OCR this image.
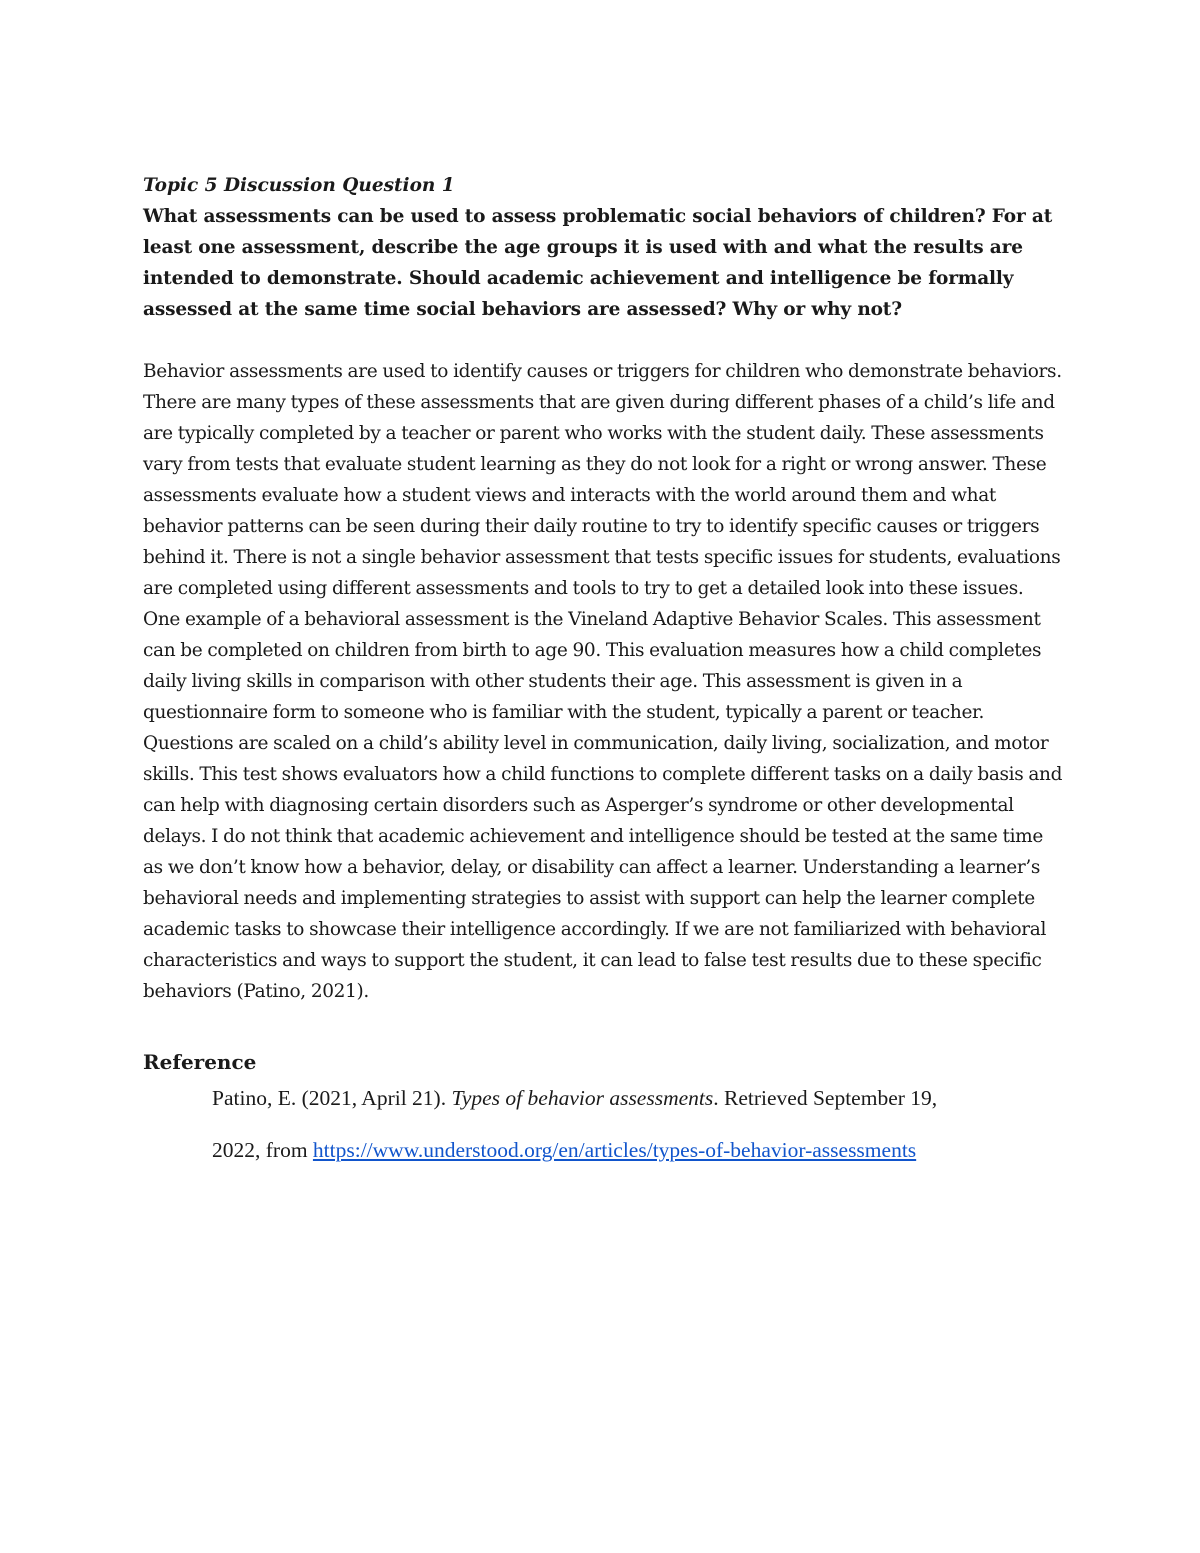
Topic 5 Discussion Question 1

What assessments can be used to assess problematic social behaviors of children? For at least one assessment, describe the age groups it is used with and what the results are intended to demonstrate. Should academic achievement and intelligence be formally assessed at the same time social behaviors are assessed? Why or why not?

Behavior assessments are used to identify causes or triggers for children who demonstrate behaviors. There are many types of these assessments that are given during different phases of a child’s life and are typically completed by a teacher or parent who works with the student daily. These assessments vary from tests that evaluate student learning as they do not look for a right or wrong answer. These assessments evaluate how a student views and interacts with the world around them and what behavior patterns can be seen during their daily routine to try to identify specific causes or triggers behind it. There is not a single behavior assessment that tests specific issues for students, evaluations are completed using different assessments and tools to try to get a detailed look into these issues. One example of a behavioral assessment is the Vineland Adaptive Behavior Scales. This assessment can be completed on children from birth to age 90. This evaluation measures how a child completes daily living skills in comparison with other students their age. This assessment is given in a questionnaire form to someone who is familiar with the student, typically a parent or teacher. Questions are scaled on a child’s ability level in communication, daily living, socialization, and motor skills. This test shows evaluators how a child functions to complete different tasks on a daily basis and can help with diagnosing certain disorders such as Asperger’s syndrome or other developmental delays. I do not think that academic achievement and intelligence should be tested at the same time as we don’t know how a behavior, delay, or disability can affect a learner. Understanding a learner’s behavioral needs and implementing strategies to assist with support can help the learner complete academic tasks to showcase their intelligence accordingly. If we are not familiarized with behavioral characteristics and ways to support the student, it can lead to false test results due to these specific behaviors (Patino, 2021).

Reference

Patino, E. (2021, April 21). Types of behavior assessments. Retrieved September 19,
2022, from https://www.understood.org/en/articles/types-of-behavior-assessments
